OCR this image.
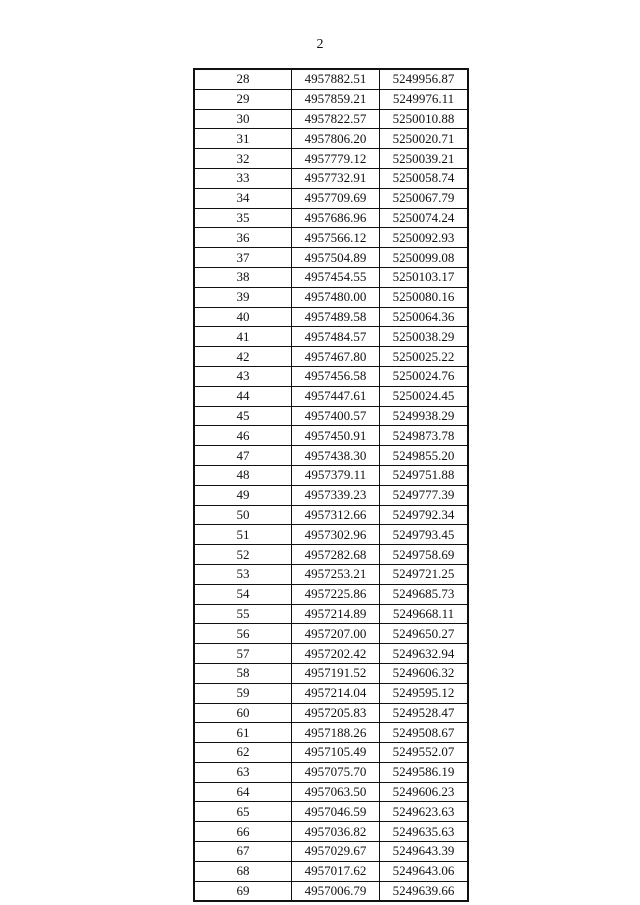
2
28	4957882.51	5249956.87
29	4957859.21	5249976.11
30	4957822.57	5250010.88
31	4957806.20	5250020.71
32	4957779.12	5250039.21
33	4957732.91	5250058.74
34	4957709.69	5250067.79
35	4957686.96	5250074.24
36	4957566.12	5250092.93
37	4957504.89	5250099.08
38	4957454.55	5250103.17
39	4957480.00	5250080.16
40	4957489.58	5250064.36
41	4957484.57	5250038.29
42	4957467.80	5250025.22
43	4957456.58	5250024.76
44	4957447.61	5250024.45
45	4957400.57	5249938.29
46	4957450.91	5249873.78
47	4957438.30	5249855.20
48	4957379.11	5249751.88
49	4957339.23	5249777.39
50	4957312.66	5249792.34
51	4957302.96	5249793.45
52	4957282.68	5249758.69
53	4957253.21	5249721.25
54	4957225.86	5249685.73
55	4957214.89	5249668.11
56	4957207.00	5249650.27
57	4957202.42	5249632.94
58	4957191.52	5249606.32
59	4957214.04	5249595.12
60	4957205.83	5249528.47
61	4957188.26	5249508.67
62	4957105.49	5249552.07
63	4957075.70	5249586.19
64	4957063.50	5249606.23
65	4957046.59	5249623.63
66	4957036.82	5249635.63
67	4957029.67	5249643.39
68	4957017.62	5249643.06
69	4957006.79	5249639.66
